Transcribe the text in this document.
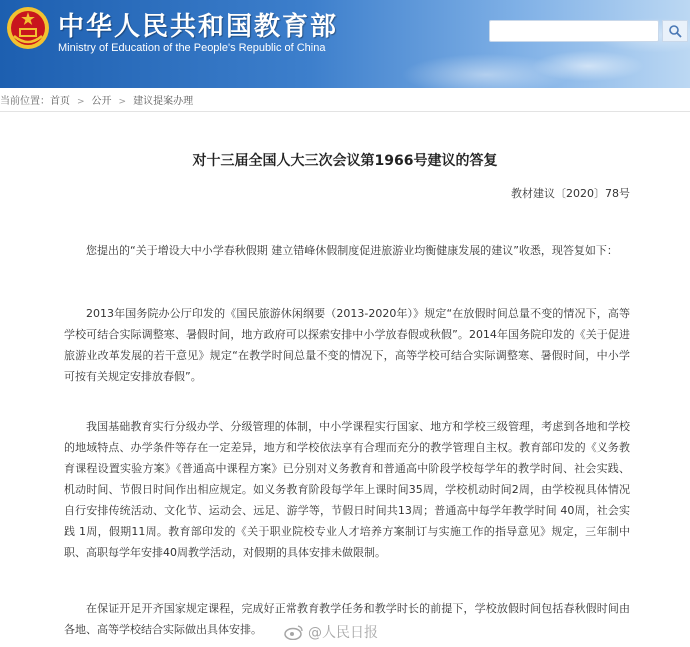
中华人民共和国教育部
Ministry of Education of the People's Republic of China
当前位置：首页 > 公开 > 建议提案办理
对十三届全国人大三次会议第1966号建议的答复
教材建议〔2020〕78号

您提出的“关于增设大中小学春秋假期 建立错峰休假制度促进旅游业均衡健康发展的建议”收悉，现答复如下：

2013年国务院办公厅印发的《国民旅游休闲纲要（2013-2020年）》规定“在放假时间总量不变的情况下，高等学校可结合实际调整寒、暑假时间，地方政府可以探索安排中小学放春假或秋假”。2014年国务院印发的《关于促进旅游业改革发展的若干意见》规定“在教学时间总量不变的情况下，高等学校可结合实际调整寒、暑假时间，中小学可按有关规定安排放春假”。

我国基础教育实行分级办学、分级管理的体制，中小学课程实行国家、地方和学校三级管理，考虑到各地和学校的地域特点、办学条件等存在一定差异，地方和学校依法享有合理而充分的教学管理自主权。教育部印发的《义务教育课程设置实验方案》《普通高中课程方案》已分别对义务教育和普通高中阶段学校每学年的教学时间、社会实践、机动时间、节假日时间作出相应规定。如义务教育阶段每学年上课时间35周，学校机动时间2周，由学校视具体情况自行安排传统活动、文化节、运动会、远足、游学等，节假日时间共13周；普通高中每学年教学时间 40周，社会实践 1周，假期11周。教育部印发的《关于职业院校专业人才培养方案制订与实施工作的指导意见》规定，三年制中职、高职每学年安排40周教学活动，对假期的具体安排未做限制。

在保证开足开齐国家规定课程，完成好正常教育教学任务和教学时长的前提下，学校放假时间包括春秋假时间由各地、高等学校结合实际做出具体安排。	@人民日报
